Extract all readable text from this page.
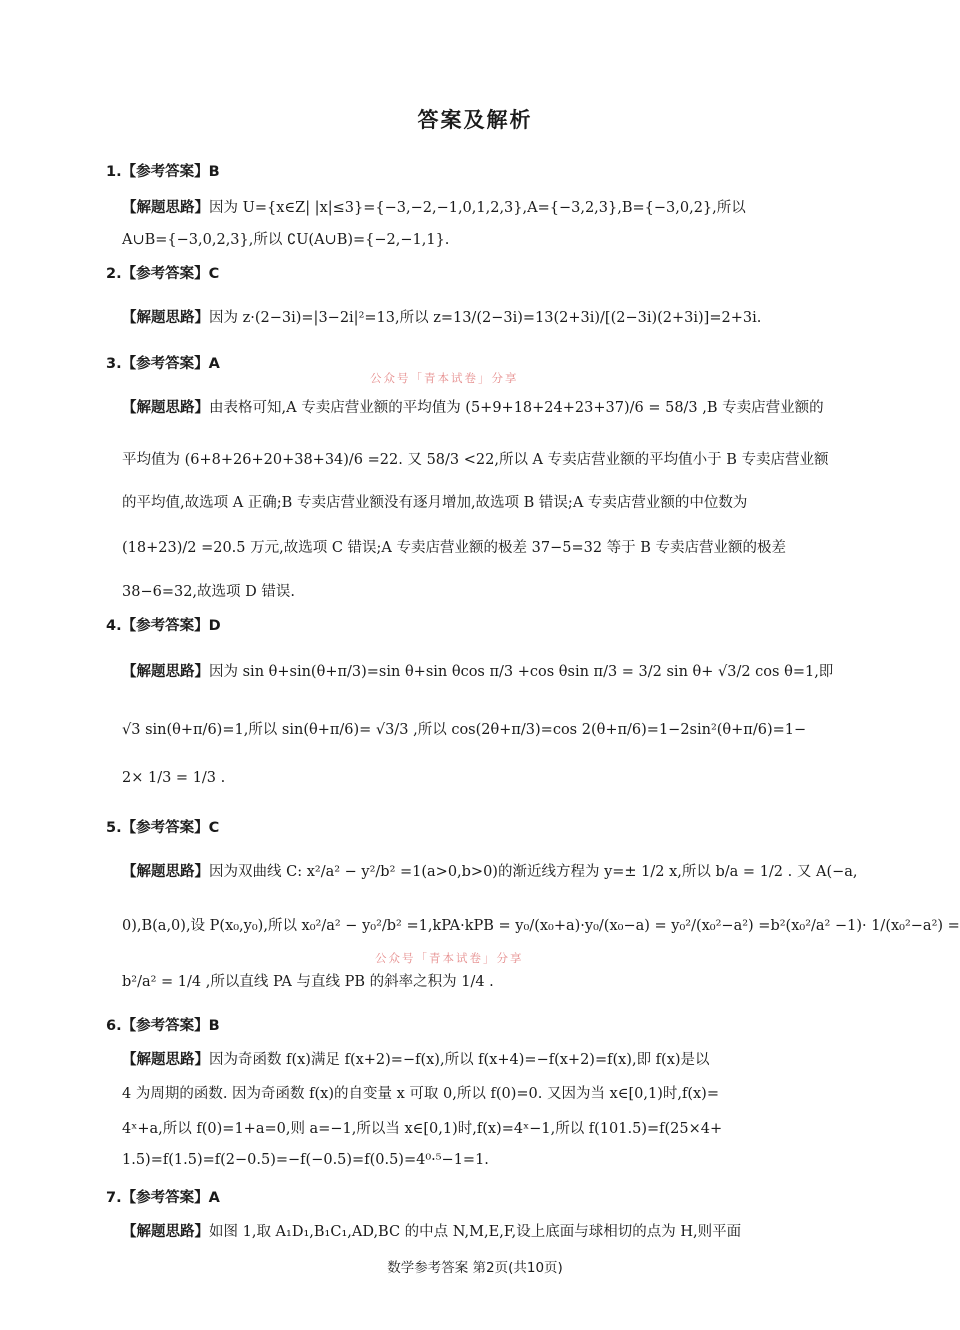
答案及解析
1.【参考答案】B
【解题思路】因为 U={x∈Z| |x|≤3}={−3,−2,−1,0,1,2,3},A={−3,2,3},B={−3,0,2},所以
A∪B={−3,0,2,3},所以 ∁U(A∪B)={−2,−1,1}.
2.【参考答案】C
【解题思路】因为 z·(2−3i)=|3−2i|²=13,所以 z=13/(2−3i)=13(2+3i)/[(2−3i)(2+3i)]=2+3i.
3.【参考答案】A
公众号「青本试卷」分享
【解题思路】由表格可知,A 专卖店营业额的平均值为 (5+9+18+24+23+37)/6 = 58/3 ,B 专卖店营业额的
平均值为 (6+8+26+20+38+34)/6 =22. 又 58/3 <22,所以 A 专卖店营业额的平均值小于 B 专卖店营业额
的平均值,故选项 A 正确;B 专卖店营业额没有逐月增加,故选项 B 错误;A 专卖店营业额的中位数为
(18+23)/2 =20.5 万元,故选项 C 错误;A 专卖店营业额的极差 37−5=32 等于 B 专卖店营业额的极差
38−6=32,故选项 D 错误.
4.【参考答案】D
【解题思路】因为 sin θ+sin(θ+π/3)=sin θ+sin θcos π/3 +cos θsin π/3 = 3/2 sin θ+ √3/2 cos θ=1,即
√3 sin(θ+π/6)=1,所以 sin(θ+π/6)= √3/3 ,所以 cos(2θ+π/3)=cos 2(θ+π/6)=1−2sin²(θ+π/6)=1−
2× 1/3 = 1/3 .
5.【参考答案】C
【解题思路】因为双曲线 C: x²/a² − y²/b² =1(a>0,b>0)的渐近线方程为 y=± 1/2 x,所以 b/a = 1/2 . 又 A(−a,
0),B(a,0),设 P(x₀,y₀),所以 x₀²/a² − y₀²/b² =1,kPA·kPB = y₀/(x₀+a)·y₀/(x₀−a) = y₀²/(x₀²−a²) =b²(x₀²/a² −1)· 1/(x₀²−a²) =
公众号「青本试卷」分享
b²/a² = 1/4 ,所以直线 PA 与直线 PB 的斜率之积为 1/4 .
6.【参考答案】B
【解题思路】因为奇函数 f(x)满足 f(x+2)=−f(x),所以 f(x+4)=−f(x+2)=f(x),即 f(x)是以
4 为周期的函数. 因为奇函数 f(x)的自变量 x 可取 0,所以 f(0)=0. 又因为当 x∈[0,1)时,f(x)=
4ˣ+a,所以 f(0)=1+a=0,则 a=−1,所以当 x∈[0,1)时,f(x)=4ˣ−1,所以 f(101.5)=f(25×4+
1.5)=f(1.5)=f(2−0.5)=−f(−0.5)=f(0.5)=4⁰·⁵−1=1.
7.【参考答案】A
【解题思路】如图 1,取 A₁D₁,B₁C₁,AD,BC 的中点 N,M,E,F,设上底面与球相切的点为 H,则平面
数学参考答案 第2页(共10页)
